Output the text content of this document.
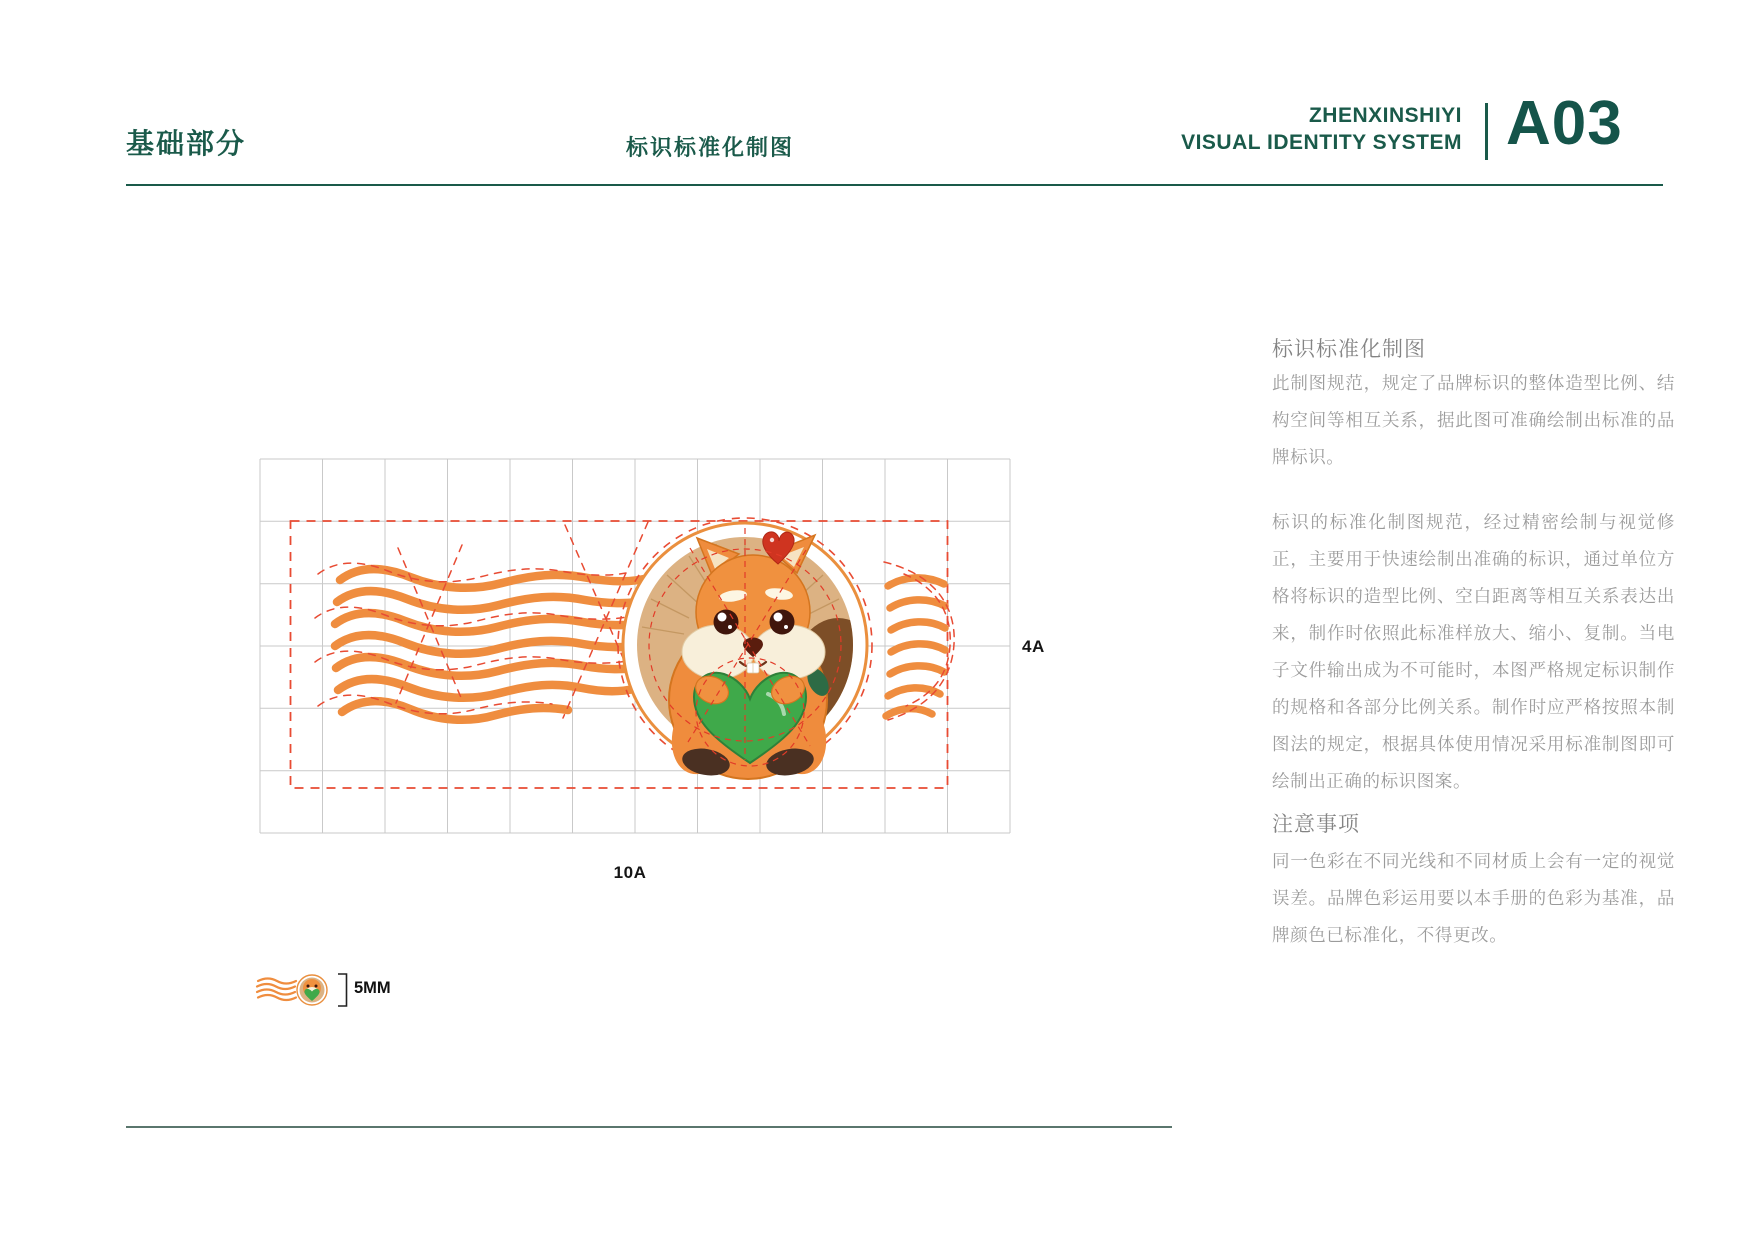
基础部分	标识标准化制图
ZHENXINSHIYI
VISUAL IDENTITY SYSTEM A03
4A
10A
5MM
标识标准化制图
此制图规范，规定了品牌标识的整体造型比例、结构空间等相互关系，据此图可准确绘制出标准的品牌标识。
标识的标准化制图规范，经过精密绘制与视觉修正，主要用于快速绘制出准确的标识，通过单位方格将标识的造型比例、空白距离等相互关系表达出来，制作时依照此标准样放大、缩小、复制。当电子文件输出成为不可能时，本图严格规定标识制作的规格和各部分比例关系。制作时应严格按照本制图法的规定，根据具体使用情况采用标准制图即可绘制出正确的标识图案。
注意事项
同一色彩在不同光线和不同材质上会有一定的视觉误差。品牌色彩运用要以本手册的色彩为基准，品牌颜色已标准化，不得更改。
